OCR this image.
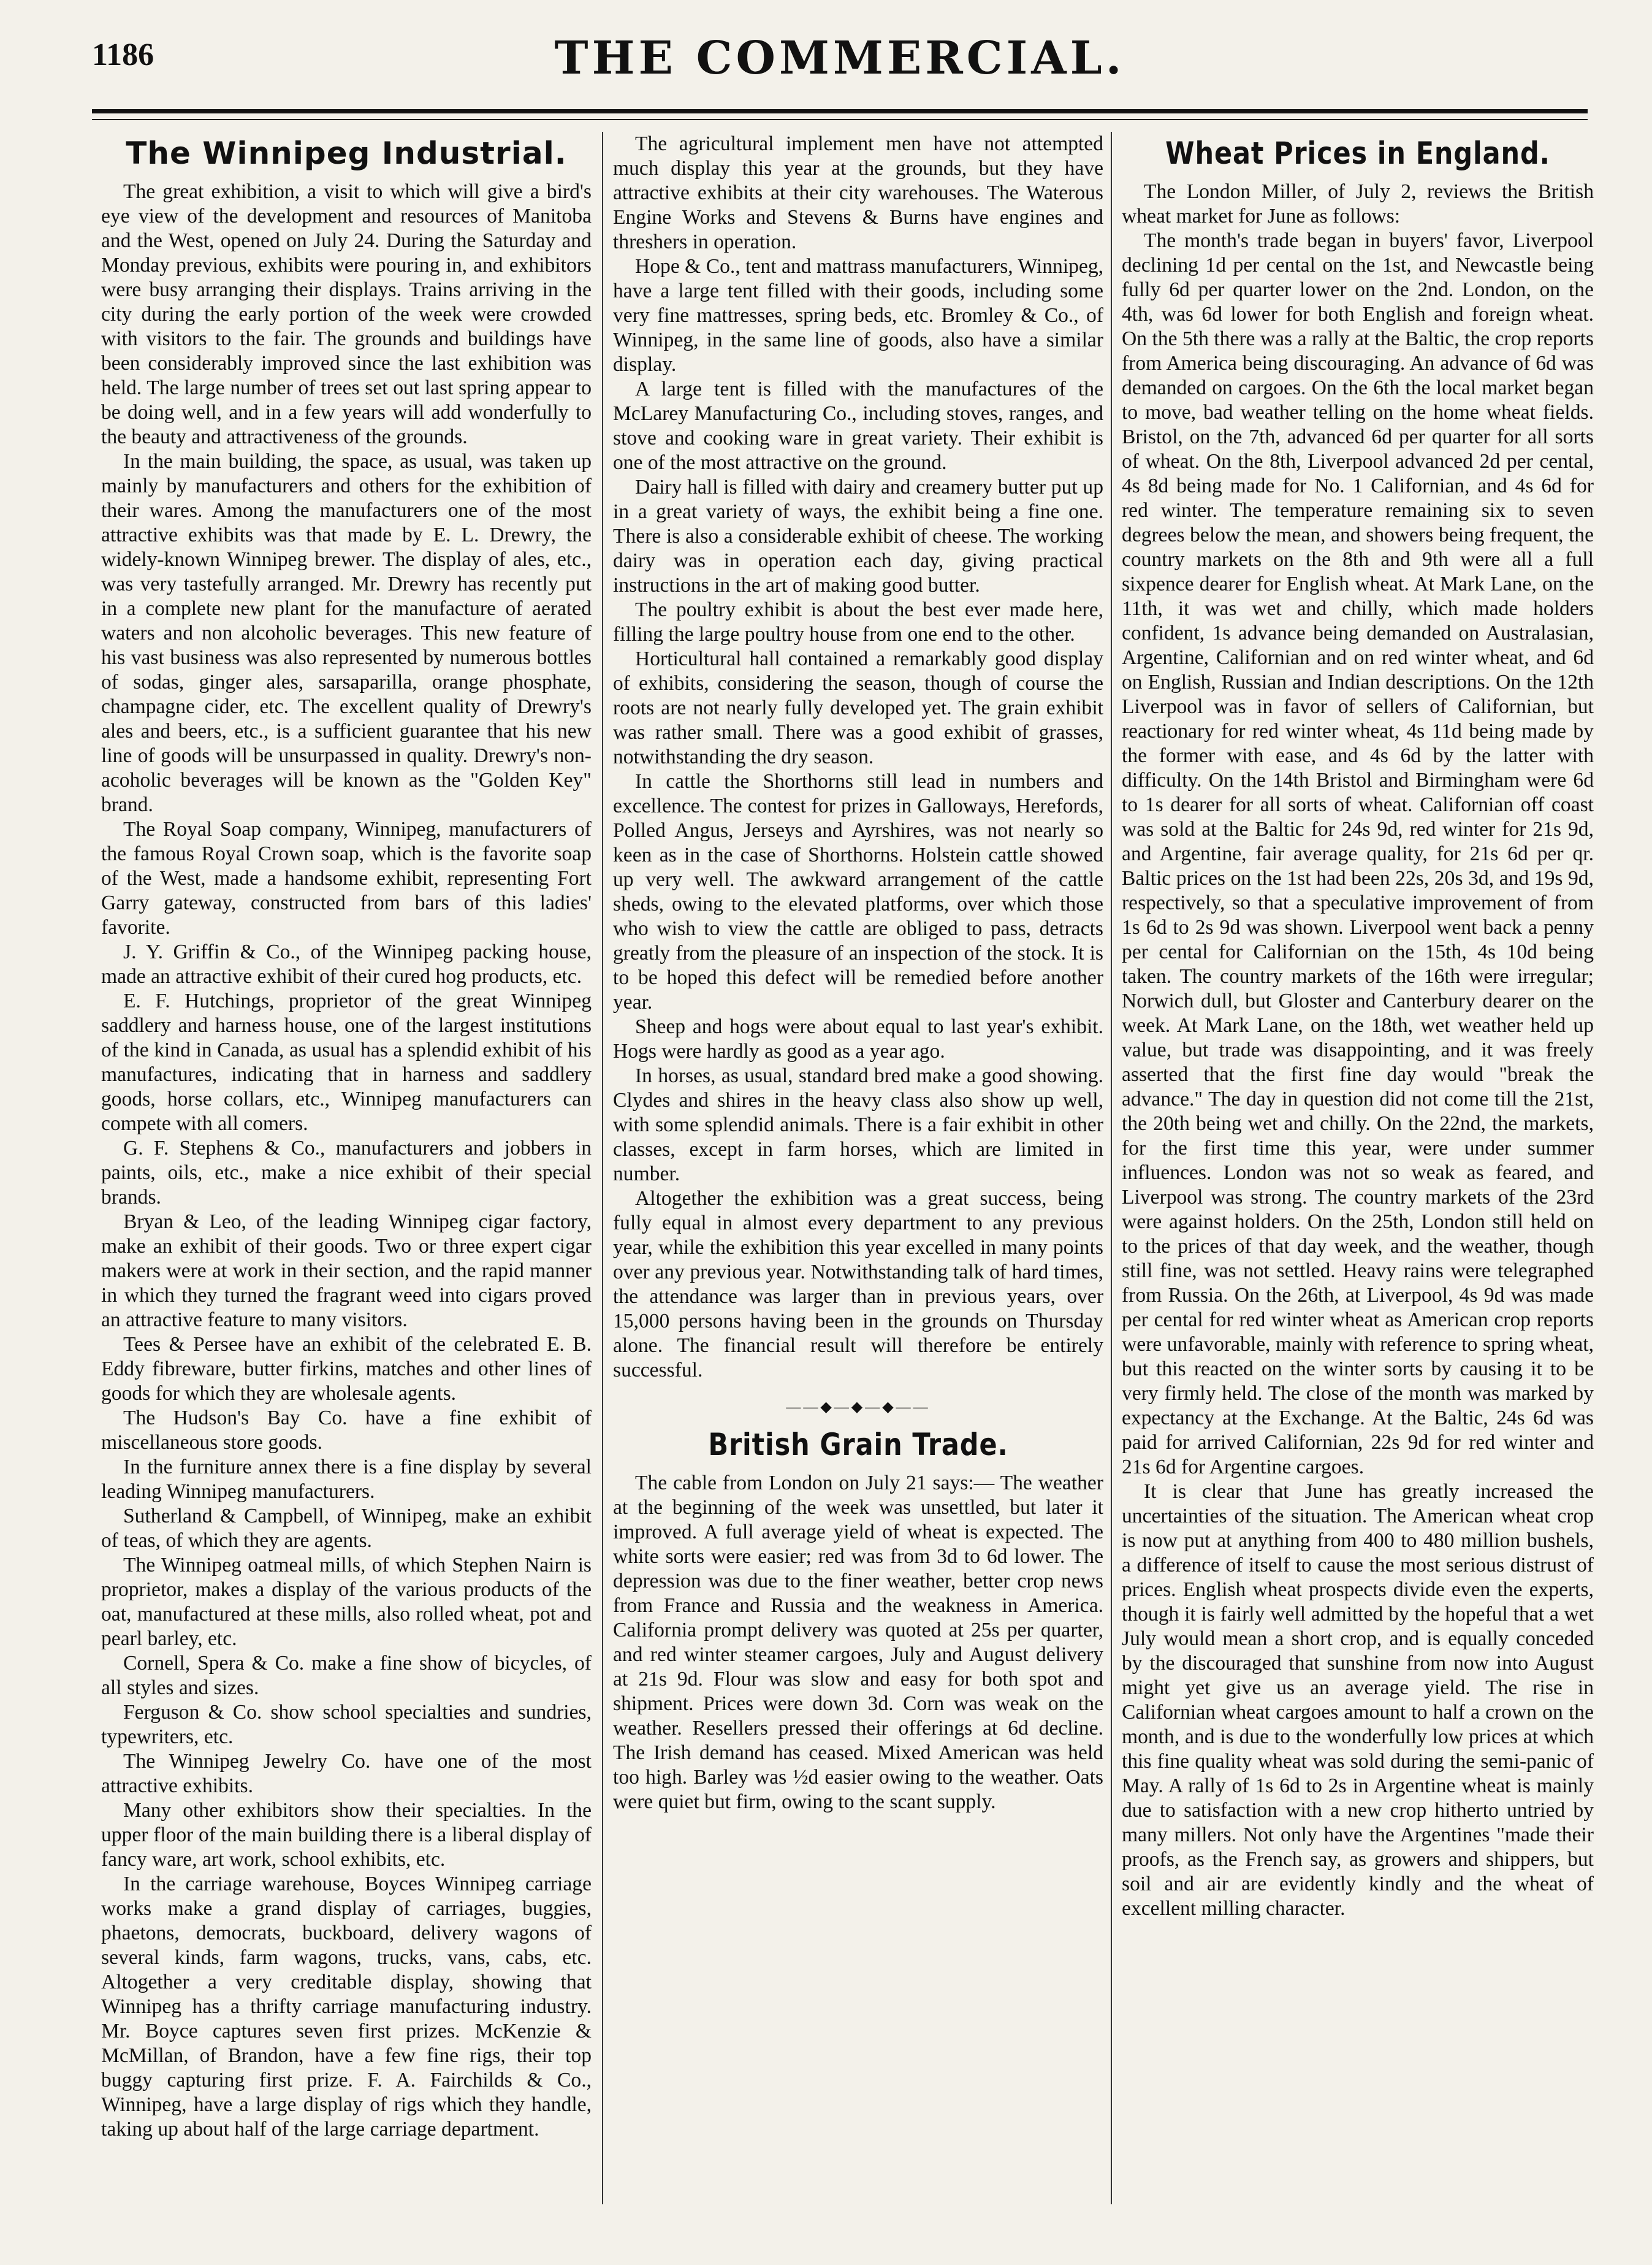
1186	THE COMMERCIAL.
The Winnipeg Industrial.

The great exhibition, a visit to which will give a bird's eye view of the development and resources of Manitoba and the West, opened on July 24. During the Saturday and Monday previous, exhibits were pouring in, and exhibitors were busy arranging their displays. Trains arriving in the city during the early portion of the week were crowded with visitors to the fair. The grounds and buildings have been considerably improved since the last exhibition was held. The large number of trees set out last spring appear to be doing well, and in a few years will add wonderfully to the beauty and attractiveness of the grounds.

In the main building, the space, as usual, was taken up mainly by manufacturers and others for the exhibition of their wares. Among the manufacturers one of the most attractive exhibits was that made by E. L. Drewry, the widely-known Winnipeg brewer. The display of ales, etc., was very tastefully arranged. Mr. Drewry has recently put in a complete new plant for the manufacture of aerated waters and non alcoholic beverages. This new feature of his vast business was also represented by numerous bottles of sodas, ginger ales, sarsaparilla, orange phosphate, champagne cider, etc. The excellent quality of Drewry's ales and beers, etc., is a sufficient guarantee that his new line of goods will be unsurpassed in quality. Drewry's non-acoholic beverages will be known as the "Golden Key" brand.

The Royal Soap company, Winnipeg, manufacturers of the famous Royal Crown soap, which is the favorite soap of the West, made a handsome exhibit, representing Fort Garry gateway, constructed from bars of this ladies' favorite.

J. Y. Griffin & Co., of the Winnipeg packing house, made an attractive exhibit of their cured hog products, etc.

E. F. Hutchings, proprietor of the great Winnipeg saddlery and harness house, one of the largest institutions of the kind in Canada, as usual has a splendid exhibit of his manufactures, indicating that in harness and saddlery goods, horse collars, etc., Winnipeg manufacturers can compete with all comers.

G. F. Stephens & Co., manufacturers and jobbers in paints, oils, etc., make a nice exhibit of their special brands.

Bryan & Leo, of the leading Winnipeg cigar factory, make an exhibit of their goods. Two or three expert cigar makers were at work in their section, and the rapid manner in which they turned the fragrant weed into cigars proved an attractive feature to many visitors.

Tees & Persee have an exhibit of the celebrated E. B. Eddy fibreware, butter firkins, matches and other lines of goods for which they are wholesale agents.

The Hudson's Bay Co. have a fine exhibit of miscellaneous store goods.

In the furniture annex there is a fine display by several leading Winnipeg manufacturers.

Sutherland & Campbell, of Winnipeg, make an exhibit of teas, of which they are agents.

The Winnipeg oatmeal mills, of which Stephen Nairn is proprietor, makes a display of the various products of the oat, manufactured at these mills, also rolled wheat, pot and pearl barley, etc.

Cornell, Spera & Co. make a fine show of bicycles, of all styles and sizes.

Ferguson & Co. show school specialties and sundries, typewriters, etc.

The Winnipeg Jewelry Co. have one of the most attractive exhibits.

Many other exhibitors show their specialties. In the upper floor of the main building there is a liberal display of fancy ware, art work, school exhibits, etc.

In the carriage warehouse, Boyces Winnipeg carriage works make a grand display of carriages, buggies, phaetons, democrats, buckboard, delivery wagons of several kinds, farm wagons, trucks, vans, cabs, etc. Altogether a very creditable display, showing that Winnipeg has a thrifty carriage manufacturing industry. Mr. Boyce captures seven first prizes. McKenzie & McMillan, of Brandon, have a few fine rigs, their top buggy capturing first prize. F. A. Fairchilds & Co., Winnipeg, have a large display of rigs which they handle, taking up about half of the large carriage department.

The agricultural implement men have not attempted much display this year at the grounds, but they have attractive exhibits at their city warehouses. The Waterous Engine Works and Stevens & Burns have engines and threshers in operation.

Hope & Co., tent and mattrass manufacturers, Winnipeg, have a large tent filled with their goods, including some very fine mattresses, spring beds, etc. Bromley & Co., of Winnipeg, in the same line of goods, also have a similar display.

A large tent is filled with the manufactures of the McLarey Manufacturing Co., including stoves, ranges, and stove and cooking ware in great variety. Their exhibit is one of the most attractive on the ground.

Dairy hall is filled with dairy and creamery butter put up in a great variety of ways, the exhibit being a fine one. There is also a considerable exhibit of cheese. The working dairy was in operation each day, giving practical instructions in the art of making good butter.

The poultry exhibit is about the best ever made here, filling the large poultry house from one end to the other.

Horticultural hall contained a remarkably good display of exhibits, considering the season, though of course the roots are not nearly fully developed yet. The grain exhibit was rather small. There was a good exhibit of grasses, notwithstanding the dry season.

In cattle the Shorthorns still lead in numbers and excellence. The contest for prizes in Galloways, Herefords, Polled Angus, Jerseys and Ayrshires, was not nearly so keen as in the case of Shorthorns. Holstein cattle showed up very well. The awkward arrangement of the cattle sheds, owing to the elevated platforms, over which those who wish to view the cattle are obliged to pass, detracts greatly from the pleasure of an inspection of the stock. It is to be hoped this defect will be remedied before another year.

Sheep and hogs were about equal to last year's exhibit. Hogs were hardly as good as a year ago.

In horses, as usual, standard bred make a good showing. Clydes and shires in the heavy class also show up well, with some splendid animals. There is a fair exhibit in other classes, except in farm horses, which are limited in number.

Altogether the exhibition was a great success, being fully equal in almost every department to any previous year, while the exhibition this year excelled in many points over any previous year. Notwithstanding talk of hard times, the attendance was larger than in previous years, over 15,000 persons having been in the grounds on Thursday alone. The financial result will therefore be entirely successful.

——◆—◆—◆——
British Grain Trade.

The cable from London on July 21 says:— The weather at the beginning of the week was unsettled, but later it improved. A full average yield of wheat is expected. The white sorts were easier; red was from 3d to 6d lower. The depression was due to the finer weather, better crop news from France and Russia and the weakness in America. California prompt delivery was quoted at 25s per quarter, and red winter steamer cargoes, July and August delivery at 21s 9d. Flour was slow and easy for both spot and shipment. Prices were down 3d. Corn was weak on the weather. Resellers pressed their offerings at 6d decline. The Irish demand has ceased. Mixed American was held too high. Barley was ½d easier owing to the weather. Oats were quiet but firm, owing to the scant supply.

Wheat Prices in England.

The London Miller, of July 2, reviews the British wheat market for June as follows:

The month's trade began in buyers' favor, Liverpool declining 1d per cental on the 1st, and Newcastle being fully 6d per quarter lower on the 2nd. London, on the 4th, was 6d lower for both English and foreign wheat. On the 5th there was a rally at the Baltic, the crop reports from America being discouraging. An advance of 6d was demanded on cargoes. On the 6th the local market began to move, bad weather telling on the home wheat fields. Bristol, on the 7th, advanced 6d per quarter for all sorts of wheat. On the 8th, Liverpool advanced 2d per cental, 4s 8d being made for No. 1 Californian, and 4s 6d for red winter. The temperature remaining six to seven degrees below the mean, and showers being frequent, the country markets on the 8th and 9th were all a full sixpence dearer for English wheat. At Mark Lane, on the 11th, it was wet and chilly, which made holders confident, 1s advance being demanded on Australasian, Argentine, Californian and on red winter wheat, and 6d on English, Russian and Indian descriptions. On the 12th Liverpool was in favor of sellers of Californian, but reactionary for red winter wheat, 4s 11d being made by the former with ease, and 4s 6d by the latter with difficulty. On the 14th Bristol and Birmingham were 6d to 1s dearer for all sorts of wheat. Californian off coast was sold at the Baltic for 24s 9d, red winter for 21s 9d, and Argentine, fair average quality, for 21s 6d per qr. Baltic prices on the 1st had been 22s, 20s 3d, and 19s 9d, respectively, so that a speculative improvement of from 1s 6d to 2s 9d was shown. Liverpool went back a penny per cental for Californian on the 15th, 4s 10d being taken. The country markets of the 16th were irregular; Norwich dull, but Gloster and Canterbury dearer on the week. At Mark Lane, on the 18th, wet weather held up value, but trade was disappointing, and it was freely asserted that the first fine day would "break the advance." The day in question did not come till the 21st, the 20th being wet and chilly. On the 22nd, the markets, for the first time this year, were under summer influences. London was not so weak as feared, and Liverpool was strong. The country markets of the 23rd were against holders. On the 25th, London still held on to the prices of that day week, and the weather, though still fine, was not settled. Heavy rains were telegraphed from Russia. On the 26th, at Liverpool, 4s 9d was made per cental for red winter wheat as American crop reports were unfavorable, mainly with reference to spring wheat, but this reacted on the winter sorts by causing it to be very firmly held. The close of the month was marked by expectancy at the Exchange. At the Baltic, 24s 6d was paid for arrived Californian, 22s 9d for red winter and 21s 6d for Argentine cargoes.

It is clear that June has greatly increased the uncertainties of the situation. The American wheat crop is now put at anything from 400 to 480 million bushels, a difference of itself to cause the most serious distrust of prices. English wheat prospects divide even the experts, though it is fairly well admitted by the hopeful that a wet July would mean a short crop, and is equally conceded by the discouraged that sunshine from now into August might yet give us an average yield. The rise in Californian wheat cargoes amount to half a crown on the month, and is due to the wonderfully low prices at which this fine quality wheat was sold during the semi-panic of May. A rally of 1s 6d to 2s in Argentine wheat is mainly due to satisfaction with a new crop hitherto untried by many millers. Not only have the Argentines "made their proofs, as the French say, as growers and shippers, but soil and air are evidently kindly and the wheat of excellent milling character.
